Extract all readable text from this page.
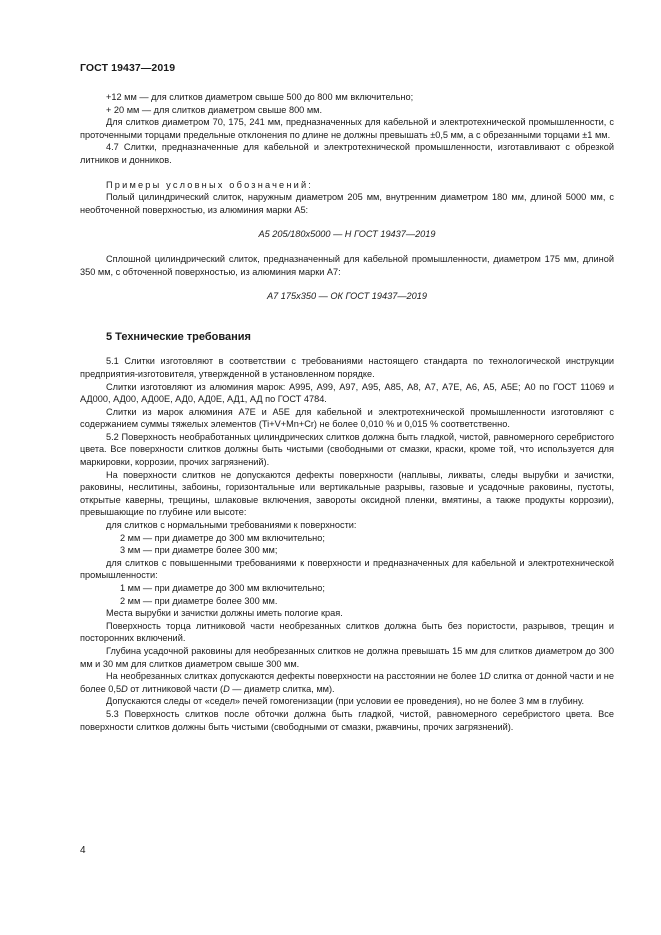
ГОСТ 19437—2019

+12 мм — для слитков диаметром свыше 500 до 800 мм включительно;

+ 20 мм — для слитков диаметром свыше 800 мм.

Для слитков диаметром 70, 175, 241 мм, предназначенных для кабельной и электротехнической промышленности, с проточенными торцами предельные отклонения по длине не должны превышать ±0,5 мм, а с обрезанными торцами ±1 мм.

4.7 Слитки, предназначенные для кабельной и электротехнической промышленности, изготавливают с обрезкой литников и донников.

Примеры условных обозначений:

Полый цилиндрический слиток, наружным диаметром 205 мм, внутренним диаметром 180 мм, длиной 5000 мм, с необточенной поверхностью, из алюминия марки А5:

А5 205/180х5000 — Н ГОСТ 19437—2019

Сплошной цилиндрический слиток, предназначенный для кабельной промышленности, диаметром 175 мм, длиной 350 мм, с обточенной поверхностью, из алюминия марки А7:

А7 175х350 — ОК ГОСТ 19437—2019

5 Технические требования

5.1 Слитки изготовляют в соответствии с требованиями настоящего стандарта по технологической инструкции предприятия-изготовителя, утвержденной в установленном порядке.

Слитки изготовляют из алюминия марок: А995, А99, А97, А95, А85, А8, А7, А7Е, А6, А5, А5Е; А0 по ГОСТ 11069 и АД000, АД00, АД00Е, АД0, АД0Е, АД1, АД по ГОСТ 4784.

Слитки из марок алюминия А7Е и А5Е для кабельной и электротехнической промышленности изготовляют с содержанием суммы тяжелых элементов (Ti+V+Mn+Cr) не более 0,010 % и 0,015 % соответственно.

5.2 Поверхность необработанных цилиндрических слитков должна быть гладкой, чистой, равномерного серебристого цвета. Все поверхности слитков должны быть чистыми (свободными от смазки, краски, кроме той, что используется для маркировки, коррозии, прочих загрязнений).

На поверхности слитков не допускаются дефекты поверхности (наплывы, ликваты, следы вырубки и зачистки, раковины, неслитины, забоины, горизонтальные или вертикальные разрывы, газовые и усадочные раковины, пустоты, открытые каверны, трещины, шлаковые включения, завороты оксидной пленки, вмятины, а также продукты коррозии), превышающие по глубине или высоте:

для слитков с нормальными требованиями к поверхности:

2 мм — при диаметре до 300 мм включительно;

3 мм — при диаметре более 300 мм;

для слитков с повышенными требованиями к поверхности и предназначенных для кабельной и электротехнической промышленности:

1 мм — при диаметре до 300 мм включительно;

2 мм — при диаметре более 300 мм.

Места вырубки и зачистки должны иметь пологие края.

Поверхность торца литниковой части необрезанных слитков должна быть без пористости, разрывов, трещин и посторонних включений.

Глубина усадочной раковины для необрезанных слитков не должна превышать 15 мм для слитков диаметром до 300 мм и 30 мм для слитков диаметром свыше 300 мм.

На необрезанных слитках допускаются дефекты поверхности на расстоянии не более 1D слитка от донной части и не более 0,5D от литниковой части (D — диаметр слитка, мм).

Допускаются следы от «седел» печей гомогенизации (при условии ее проведения), но не более 3 мм в глубину.

5.3 Поверхность слитков после обточки должна быть гладкой, чистой, равномерного серебристого цвета. Все поверхности слитков должны быть чистыми (свободными от смазки, ржавчины, прочих загрязнений).

4
